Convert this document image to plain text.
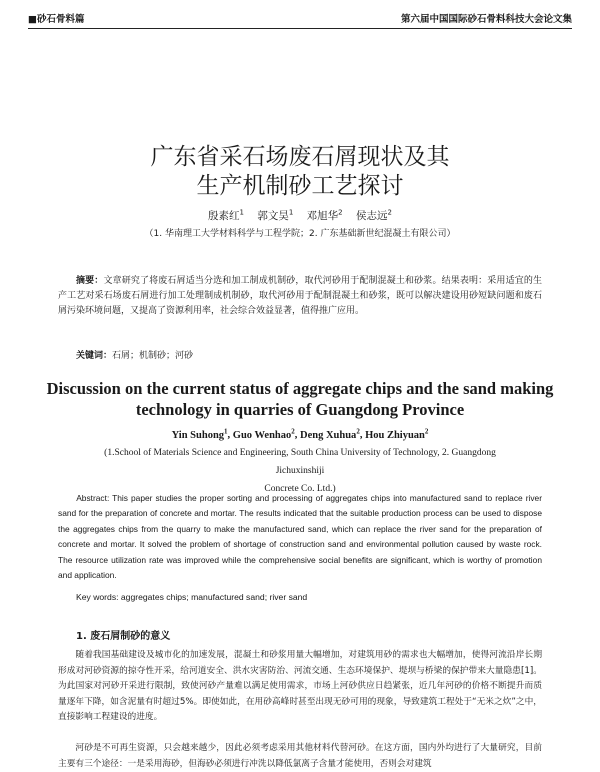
■砂石骨料篇	第六届中国国际砂石骨料科技大会论文集
广东省采石场废石屑现状及其
生产机制砂工艺探讨
殷素红$^1$ 郭文昊$^1$ 邓旭华$^2$ 侯志远$^2$
（1. 华南理工大学材料科学与工程学院；2. 广东基础新世纪混凝土有限公司）
摘要：文章研究了将废石屑适当分选和加工制成机制砂，取代河砂用于配制混凝土和砂浆。结果表明：采用适宜的生产工艺对采石场废石屑进行加工处理制成机制砂，取代河砂用于配制混凝土和砂浆，既可以解决建设用砂短缺问题和废石屑污染环境问题，又提高了资源利用率，社会综合效益显著，值得推广应用。
关键词：石屑；机制砂；河砂
Discussion on the current status of aggregate chips and the sand making
technology in quarries of Guangdong Province
Yin Suhong$^1$, Guo Wenhao$^2$, Deng Xuhua$^2$, Hou Zhiyuan$^2$
(1.School of Materials Science and Engineering, South China University of Technology, 2. Guangdong Jichuxinshiji
Concrete Co. Ltd.)
Abstract: This paper studies the proper sorting and processing of aggregates chips into manufactured sand to replace river sand for the preparation of concrete and mortar. The results indicated that the suitable production process can be used to dispose the aggregates chips from the quarry to make the manufactured sand, which can replace the river sand for the preparation of concrete and mortar. It solved the problem of shortage of construction sand and environmental pollution caused by waste rock. The resource utilization rate was improved while the comprehensive social benefits are significant, which is worthy of promotion and application.
Key words: aggregates chips; manufactured sand; river sand
1. 废石屑制砂的意义
随着我国基础建设及城市化的加速发展，混凝土和砂浆用量大幅增加，对建筑用砂的需求也大幅增加，使得河流沿岸长期形成对河砂资源的掠夺性开采，给河道安全、洪水灾害防治、河流交通、生态环境保护、堤坝与桥梁的保护带来大量隐患[1]。为此国家对河砂开采进行限制，致使河砂产量难以满足使用需求，市场上河砂供应日趋紧张，近几年河砂的价格不断提升而质量逐年下降，如含泥量有时超过5%。即使如此，在用砂高峰时甚至出现无砂可用的现象，导致建筑工程处于“无米之炊”之中，直接影响工程建设的进度。
河砂是不可再生资源，只会越来越少，因此必须考虑采用其他材料代替河砂。在这方面，国内外均进行了大量研究，目前主要有三个途径：一是采用海砂，但海砂必须进行冲洗以降低氯离子含量才能使用，否则会对建筑
